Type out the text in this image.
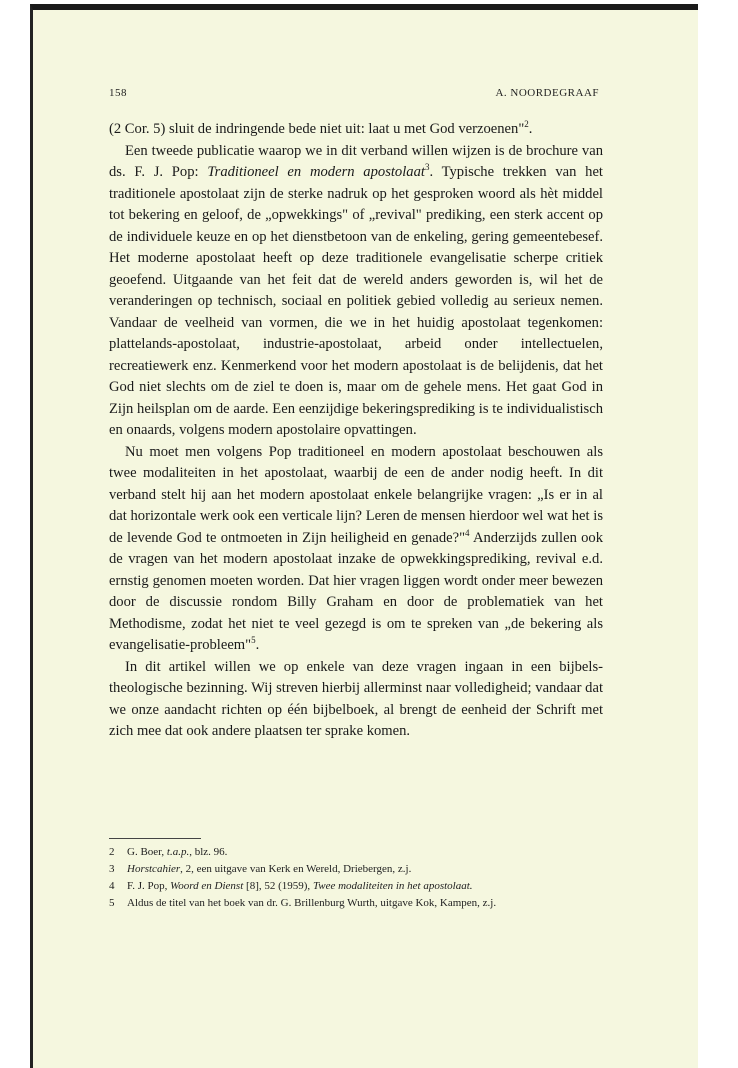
158	A. NOORDEGRAAF

(2 Cor. 5) sluit de indringende bede niet uit: laat u met God verzoenen"$^2$.

Een tweede publicatie waarop we in dit verband willen wijzen is de brochure van ds. F. J. Pop: Traditioneel en modern apostolaat$^3$. Typische trekken van het traditionele apostolaat zijn de sterke nadruk op het gesproken woord als hèt middel tot bekering en geloof, de „opwekkings" of „revival" prediking, een sterk accent op de individuele keuze en op het dienstbetoon van de enkeling, gering gemeentebesef. Het moderne apostolaat heeft op deze traditionele evangelisatie scherpe critiek geoefend. Uitgaande van het feit dat de wereld anders geworden is, wil het de veranderingen op technisch, sociaal en politiek gebied volledig au serieux nemen. Vandaar de veelheid van vormen, die we in het huidig apostolaat tegenkomen: plattelands-apostolaat, industrie-apostolaat, arbeid onder intellectuelen, recreatiewerk enz. Kenmerkend voor het modern apostolaat is de belijdenis, dat het God niet slechts om de ziel te doen is, maar om de gehele mens. Het gaat God in Zijn heilsplan om de aarde. Een eenzijdige bekeringsprediking is te individualistisch en onaards, volgens modern apostolaire opvattingen.

Nu moet men volgens Pop traditioneel en modern apostolaat beschouwen als twee modaliteiten in het apostolaat, waarbij de een de ander nodig heeft. In dit verband stelt hij aan het modern apostolaat enkele belangrijke vragen: „Is er in al dat horizontale werk ook een verticale lijn? Leren de mensen hierdoor wel wat het is de levende God te ontmoeten in Zijn heiligheid en genade?"$^4$ Anderzijds zullen ook de vragen van het modern apostolaat inzake de opwekkingsprediking, revival e.d. ernstig genomen moeten worden. Dat hier vragen liggen wordt onder meer bewezen door de discussie rondom Billy Graham en door de problematiek van het Methodisme, zodat het niet te veel gezegd is om te spreken van „de bekering als evangelisatie-probleem"$^5$.

In dit artikel willen we op enkele van deze vragen ingaan in een bijbels-theologische bezinning. Wij streven hierbij allerminst naar volledigheid; vandaar dat we onze aandacht richten op één bijbelboek, al brengt de eenheid der Schrift met zich mee dat ook andere plaatsen ter sprake komen.

2	G. Boer, t.a.p., blz. 96.
3	Horstcahier, 2, een uitgave van Kerk en Wereld, Driebergen, z.j.
4	F. J. Pop, Woord en Dienst [8], 52 (1959), Twee modaliteiten in het apostolaat.
5	Aldus de titel van het boek van dr. G. Brillenburg Wurth, uitgave Kok, Kampen, z.j.
